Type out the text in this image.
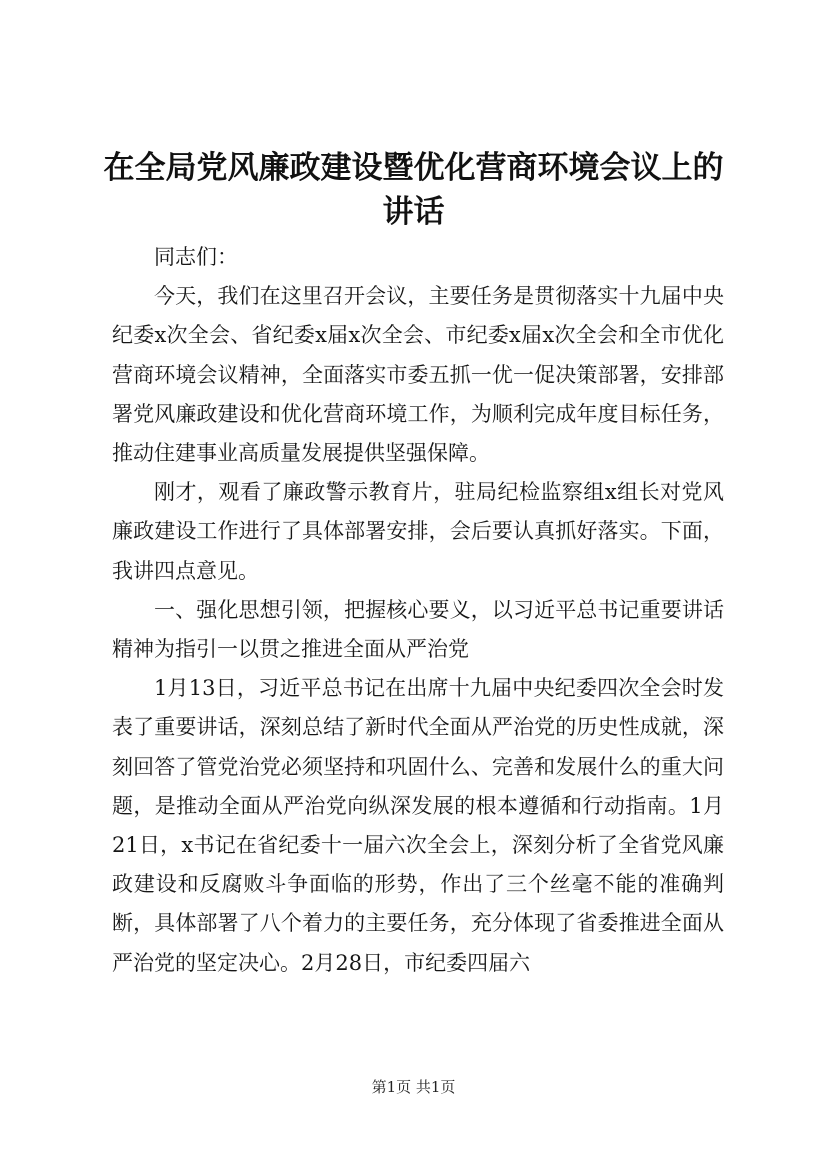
在全局党风廉政建设暨优化营商环境会议上的讲话

同志们：

今天，我们在这里召开会议，主要任务是贯彻落实十九届中央纪委x次全会、省纪委x届x次全会、市纪委x届x次全会和全市优化营商环境会议精神，全面落实市委五抓一优一促决策部署，安排部署党风廉政建设和优化营商环境工作，为顺利完成年度目标任务，推动住建事业高质量发展提供坚强保障。

刚才，观看了廉政警示教育片，驻局纪检监察组x组长对党风廉政建设工作进行了具体部署安排，会后要认真抓好落实。下面，我讲四点意见。

一、强化思想引领，把握核心要义，以习近平总书记重要讲话精神为指引一以贯之推进全面从严治党

1月13日，习近平总书记在出席十九届中央纪委四次全会时发表了重要讲话，深刻总结了新时代全面从严治党的历史性成就，深刻回答了管党治党必须坚持和巩固什么、完善和发展什么的重大问题，是推动全面从严治党向纵深发展的根本遵循和行动指南。1月21日，x书记在省纪委十一届六次全会上，深刻分析了全省党风廉政建设和反腐败斗争面临的形势，作出了三个丝毫不能的准确判断，具体部署了八个着力的主要任务，充分体现了省委推进全面从严治党的坚定决心。2月28日，市纪委四届六

第1页 共1页
